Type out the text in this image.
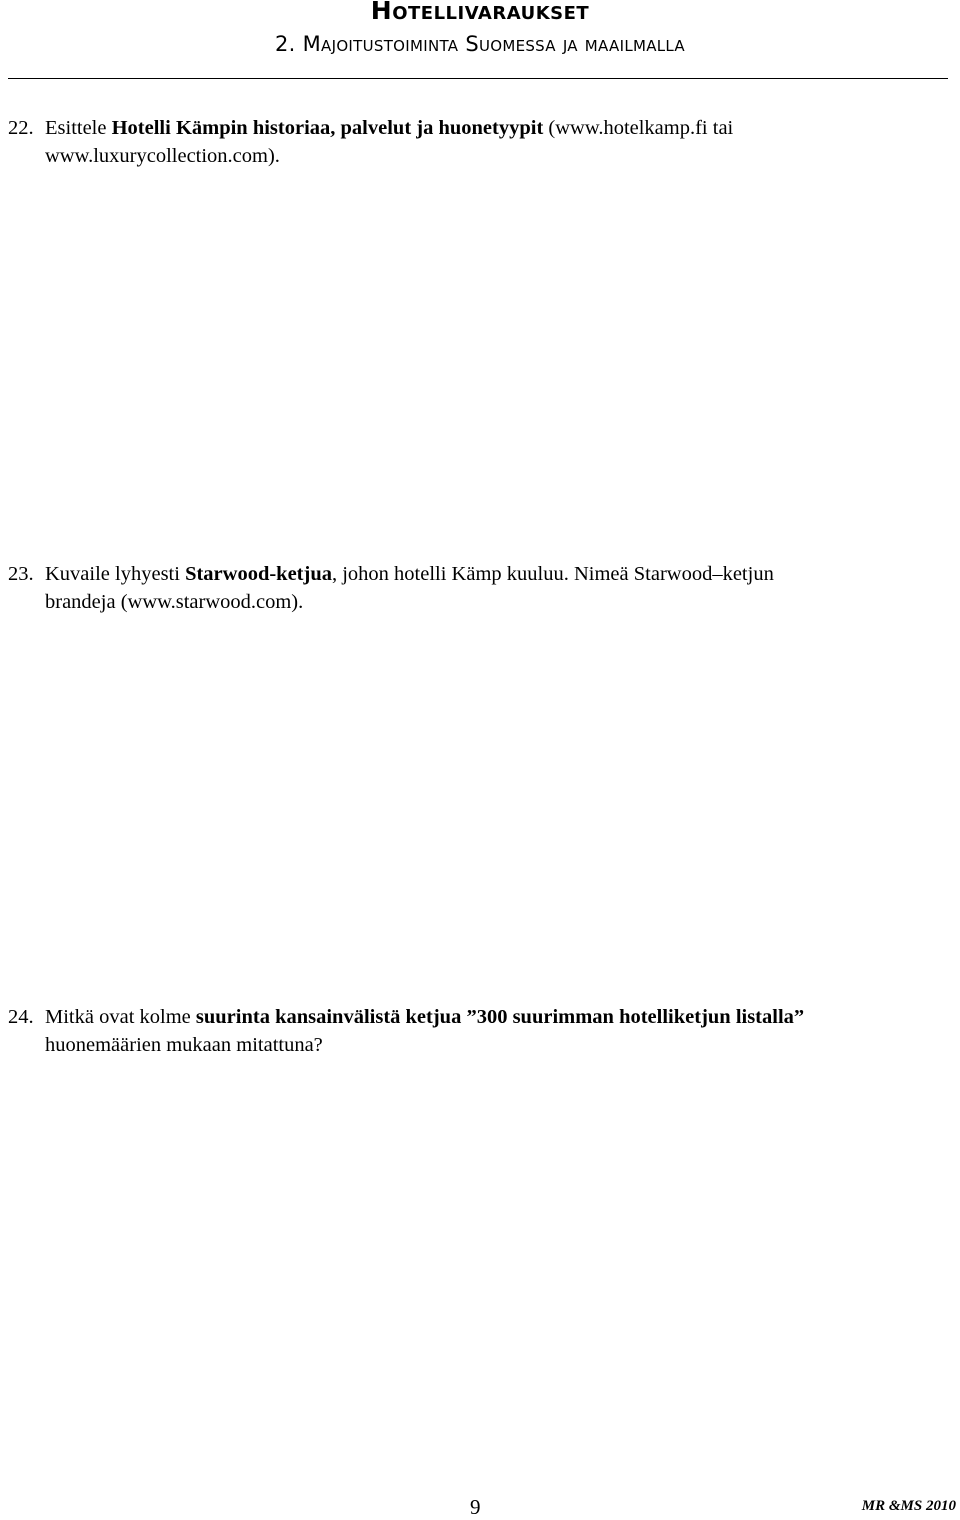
Hotellivaraukset
2. Majoitustoiminta Suomessa ja maailmalla
22. Esittele Hotelli Kämpin historiaa, palvelut ja huonetyypit (www.hotelkamp.fi tai
www.luxurycollection.com).
23. Kuvaile lyhyesti Starwood-ketjua, johon hotelli Kämp kuuluu. Nimeä Starwood–ketjun
brandeja (www.starwood.com).
24. Mitkä ovat kolme suurinta kansainvälistä ketjua ”300 suurimman hotelliketjun listalla”
huonemäärien mukaan mitattuna?
9	MR &MS 2010
